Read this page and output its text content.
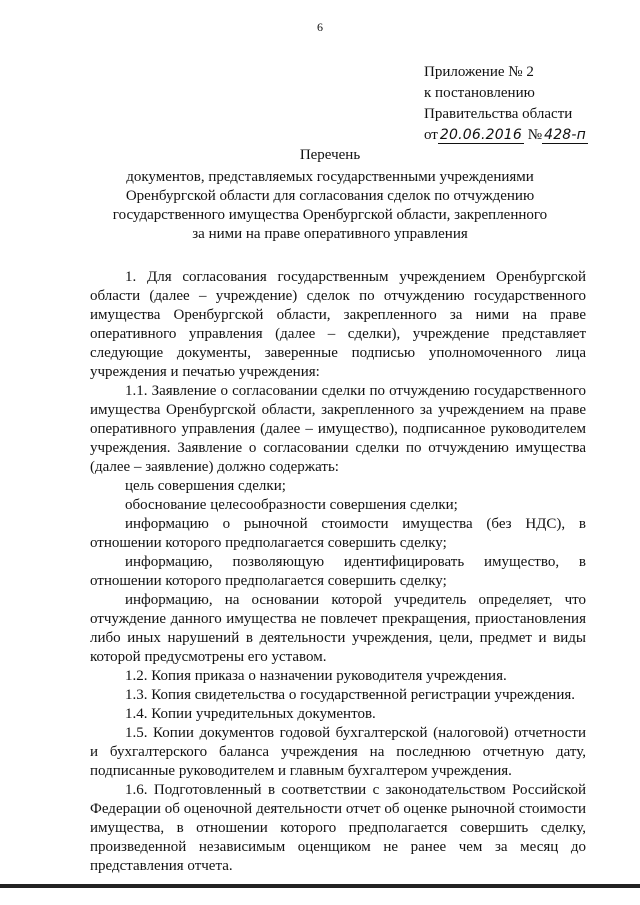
6
Приложение № 2
к постановлению
Правительства области
от 20.06.2016 № 428-п
Перечень
документов, представляемых государственными учреждениями
Оренбургской области для согласования сделок по отчуждению
государственного имущества Оренбургской области, закрепленного
за ними на праве оперативного управления

1. Для согласования государственным учреждением Оренбургской области (далее – учреждение) сделок по отчуждению государственного имущества Оренбургской области, закрепленного за ними на праве оперативного управления (далее – сделки), учреждение представляет следующие документы, заверенные подписью уполномоченного лица учреждения и печатью учреждения:

1.1. Заявление о согласовании сделки по отчуждению государственного имущества Оренбургской области, закрепленного за учреждением на праве оперативного управления (далее – имущество), подписанное руководителем учреждения. Заявление о согласовании сделки по отчуждению имущества (далее – заявление) должно содержать:

цель совершения сделки;

обоснование целесообразности совершения сделки;

информацию о рыночной стоимости имущества (без НДС), в отношении которого предполагается совершить сделку;

информацию, позволяющую идентифицировать имущество, в отношении которого предполагается совершить сделку;

информацию, на основании которой учредитель определяет, что отчуждение данного имущества не повлечет прекращения, приостановления либо иных нарушений в деятельности учреждения, цели, предмет и виды которой предусмотрены его уставом.

1.2. Копия приказа о назначении руководителя учреждения.

1.3. Копия свидетельства о государственной регистрации учреждения.

1.4. Копии учредительных документов.

1.5. Копии документов годовой бухгалтерской (налоговой) отчетности и бухгалтерского баланса учреждения на последнюю отчетную дату, подписанные руководителем и главным бухгалтером учреждения.

1.6. Подготовленный в соответствии с законодательством Российской Федерации об оценочной деятельности отчет об оценке рыночной стоимости имущества, в отношении которого предполагается совершить сделку, произведенной независимым оценщиком не ранее чем за месяц до представления отчета.
